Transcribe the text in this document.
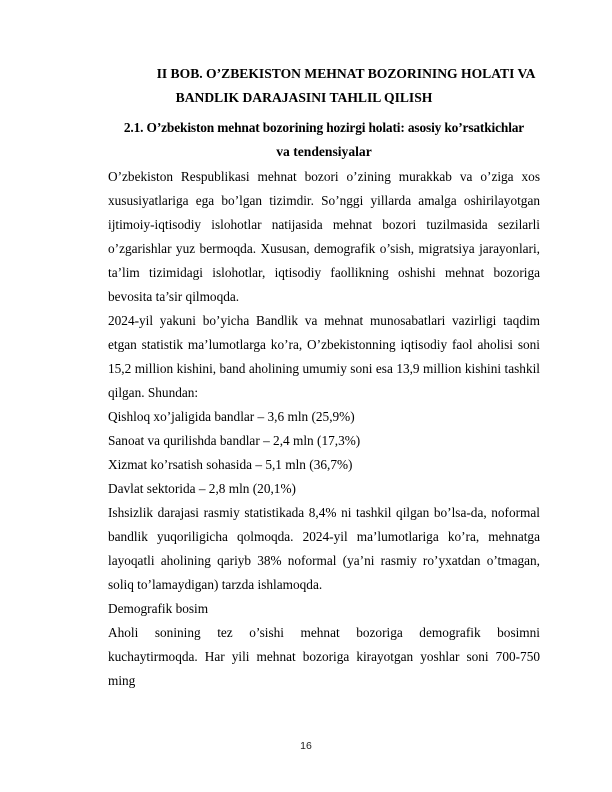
II BOB. O’ZBEKISTON MEHNAT BOZORINING HOLATI VA
BANDLIK DARAJASINI TAHLIL QILISH
2.1. O’zbekiston mehnat bozorining hozirgi holati: asosiy ko’rsatkichlar
va tendensiyalar

O’zbekiston Respublikasi mehnat bozori o’zining murakkab va o’ziga xos xususiyatlariga ega bo’lgan tizimdir. So’nggi yillarda amalga oshirilayotgan ijtimoiy-iqtisodiy islohotlar natijasida mehnat bozori tuzilmasida sezilarli o’zgarishlar yuz bermoqda. Xususan, demografik o’sish, migratsiya jarayonlari, ta’lim tizimidagi islohotlar, iqtisodiy faollikning oshishi mehnat bozoriga bevosita ta’sir qilmoqda.

2024-yil yakuni bo’yicha Bandlik va mehnat munosabatlari vazirligi taqdim etgan statistik ma’lumotlarga ko’ra, O’zbekistonning iqtisodiy faol aholisi soni 15,2 million kishini, band aholining umumiy soni esa 13,9 million kishini tashkil qilgan. Shundan:

Qishloq xo’jaligida bandlar – 3,6 mln (25,9%)

Sanoat va qurilishda bandlar – 2,4 mln (17,3%)

Xizmat ko’rsatish sohasida – 5,1 mln (36,7%)

Davlat sektorida – 2,8 mln (20,1%)

Ishsizlik darajasi rasmiy statistikada 8,4% ni tashkil qilgan bo’lsa-da, noformal bandlik yuqoriligicha qolmoqda. 2024-yil ma’lumotlariga ko’ra, mehnatga layoqatli aholining qariyb 38% noformal (ya’ni rasmiy ro’yxatdan o’tmagan, soliq to’lamaydigan) tarzda ishlamoqda.

Demografik bosim

Aholi sonining tez o’sishi mehnat bozoriga demografik bosimni kuchaytirmoqda. Har yili mehnat bozoriga kirayotgan yoshlar soni 700-750 ming

16
